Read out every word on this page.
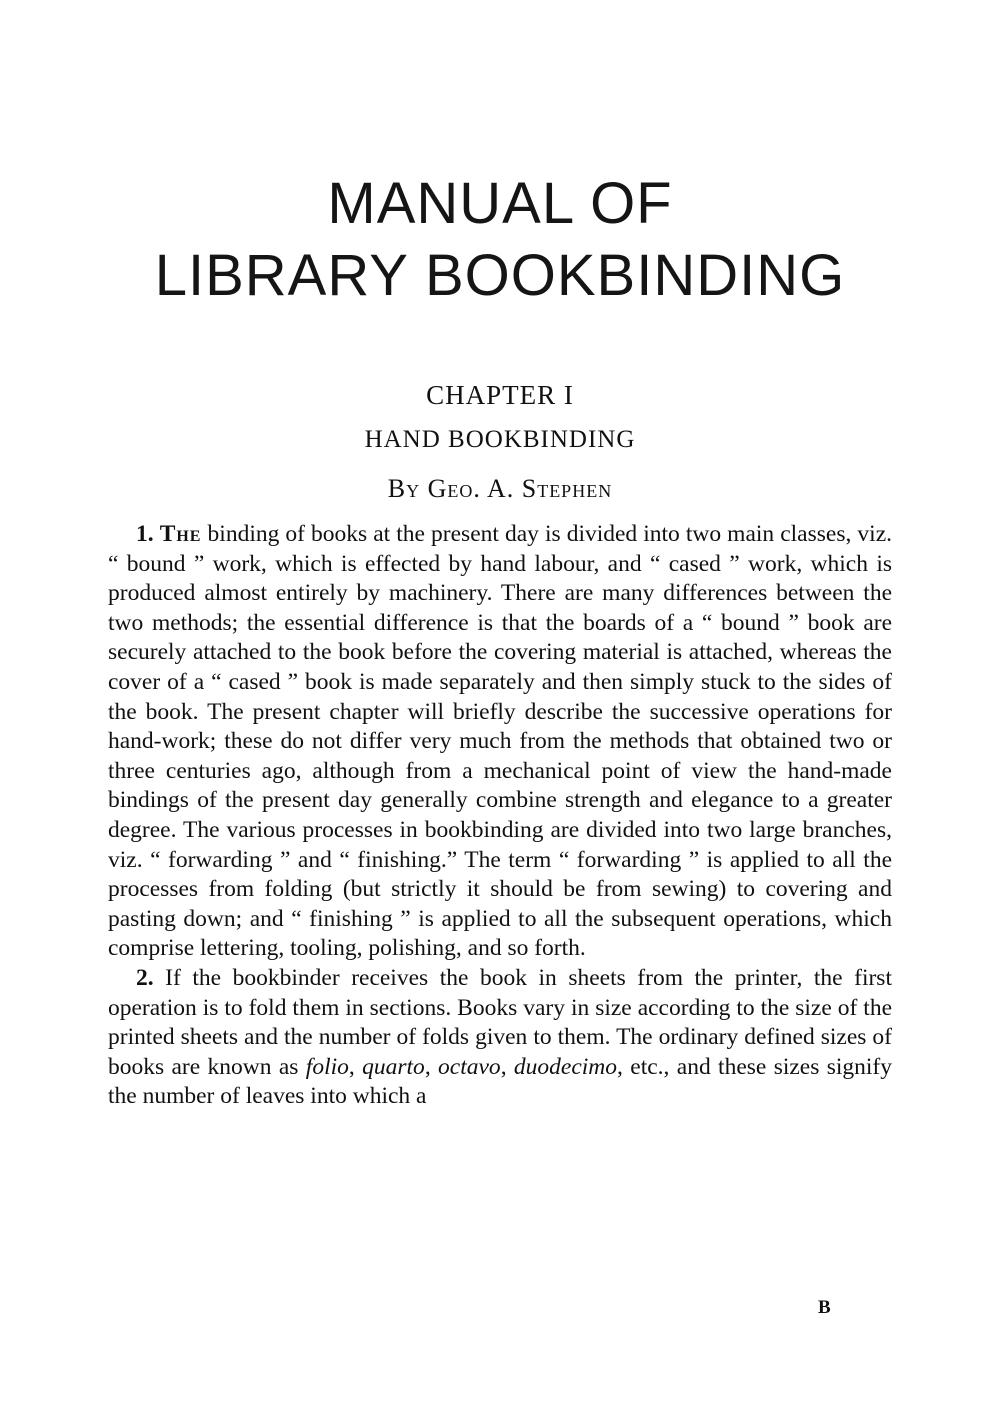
MANUAL OF
LIBRARY BOOKBINDING
CHAPTER I
HAND BOOKBINDING
By Geo. A. Stephen

1. The binding of books at the present day is divided into two main classes, viz. “ bound ” work, which is effected by hand labour, and “ cased ” work, which is produced almost entirely by machinery. There are many differences between the two methods; the essential difference is that the boards of a “ bound ” book are securely attached to the book before the covering material is attached, whereas the cover of a “ cased ” book is made separately and then simply stuck to the sides of the book. The present chapter will briefly describe the successive operations for hand-work; these do not differ very much from the methods that obtained two or three centuries ago, although from a mechanical point of view the hand-made bindings of the present day generally combine strength and elegance to a greater degree. The various processes in bookbinding are divided into two large branches, viz. “ forwarding ” and “ finishing.” The term “ forwarding ” is applied to all the processes from folding (but strictly it should be from sewing) to covering and pasting down; and “ finishing ” is applied to all the subsequent operations, which comprise lettering, tooling, polishing, and so forth.

2. If the bookbinder receives the book in sheets from the printer, the first operation is to fold them in sections. Books vary in size according to the size of the printed sheets and the number of folds given to them. The ordinary defined sizes of books are known as folio, quarto, octavo, duodecimo, etc., and these sizes signify the number of leaves into which a

B
